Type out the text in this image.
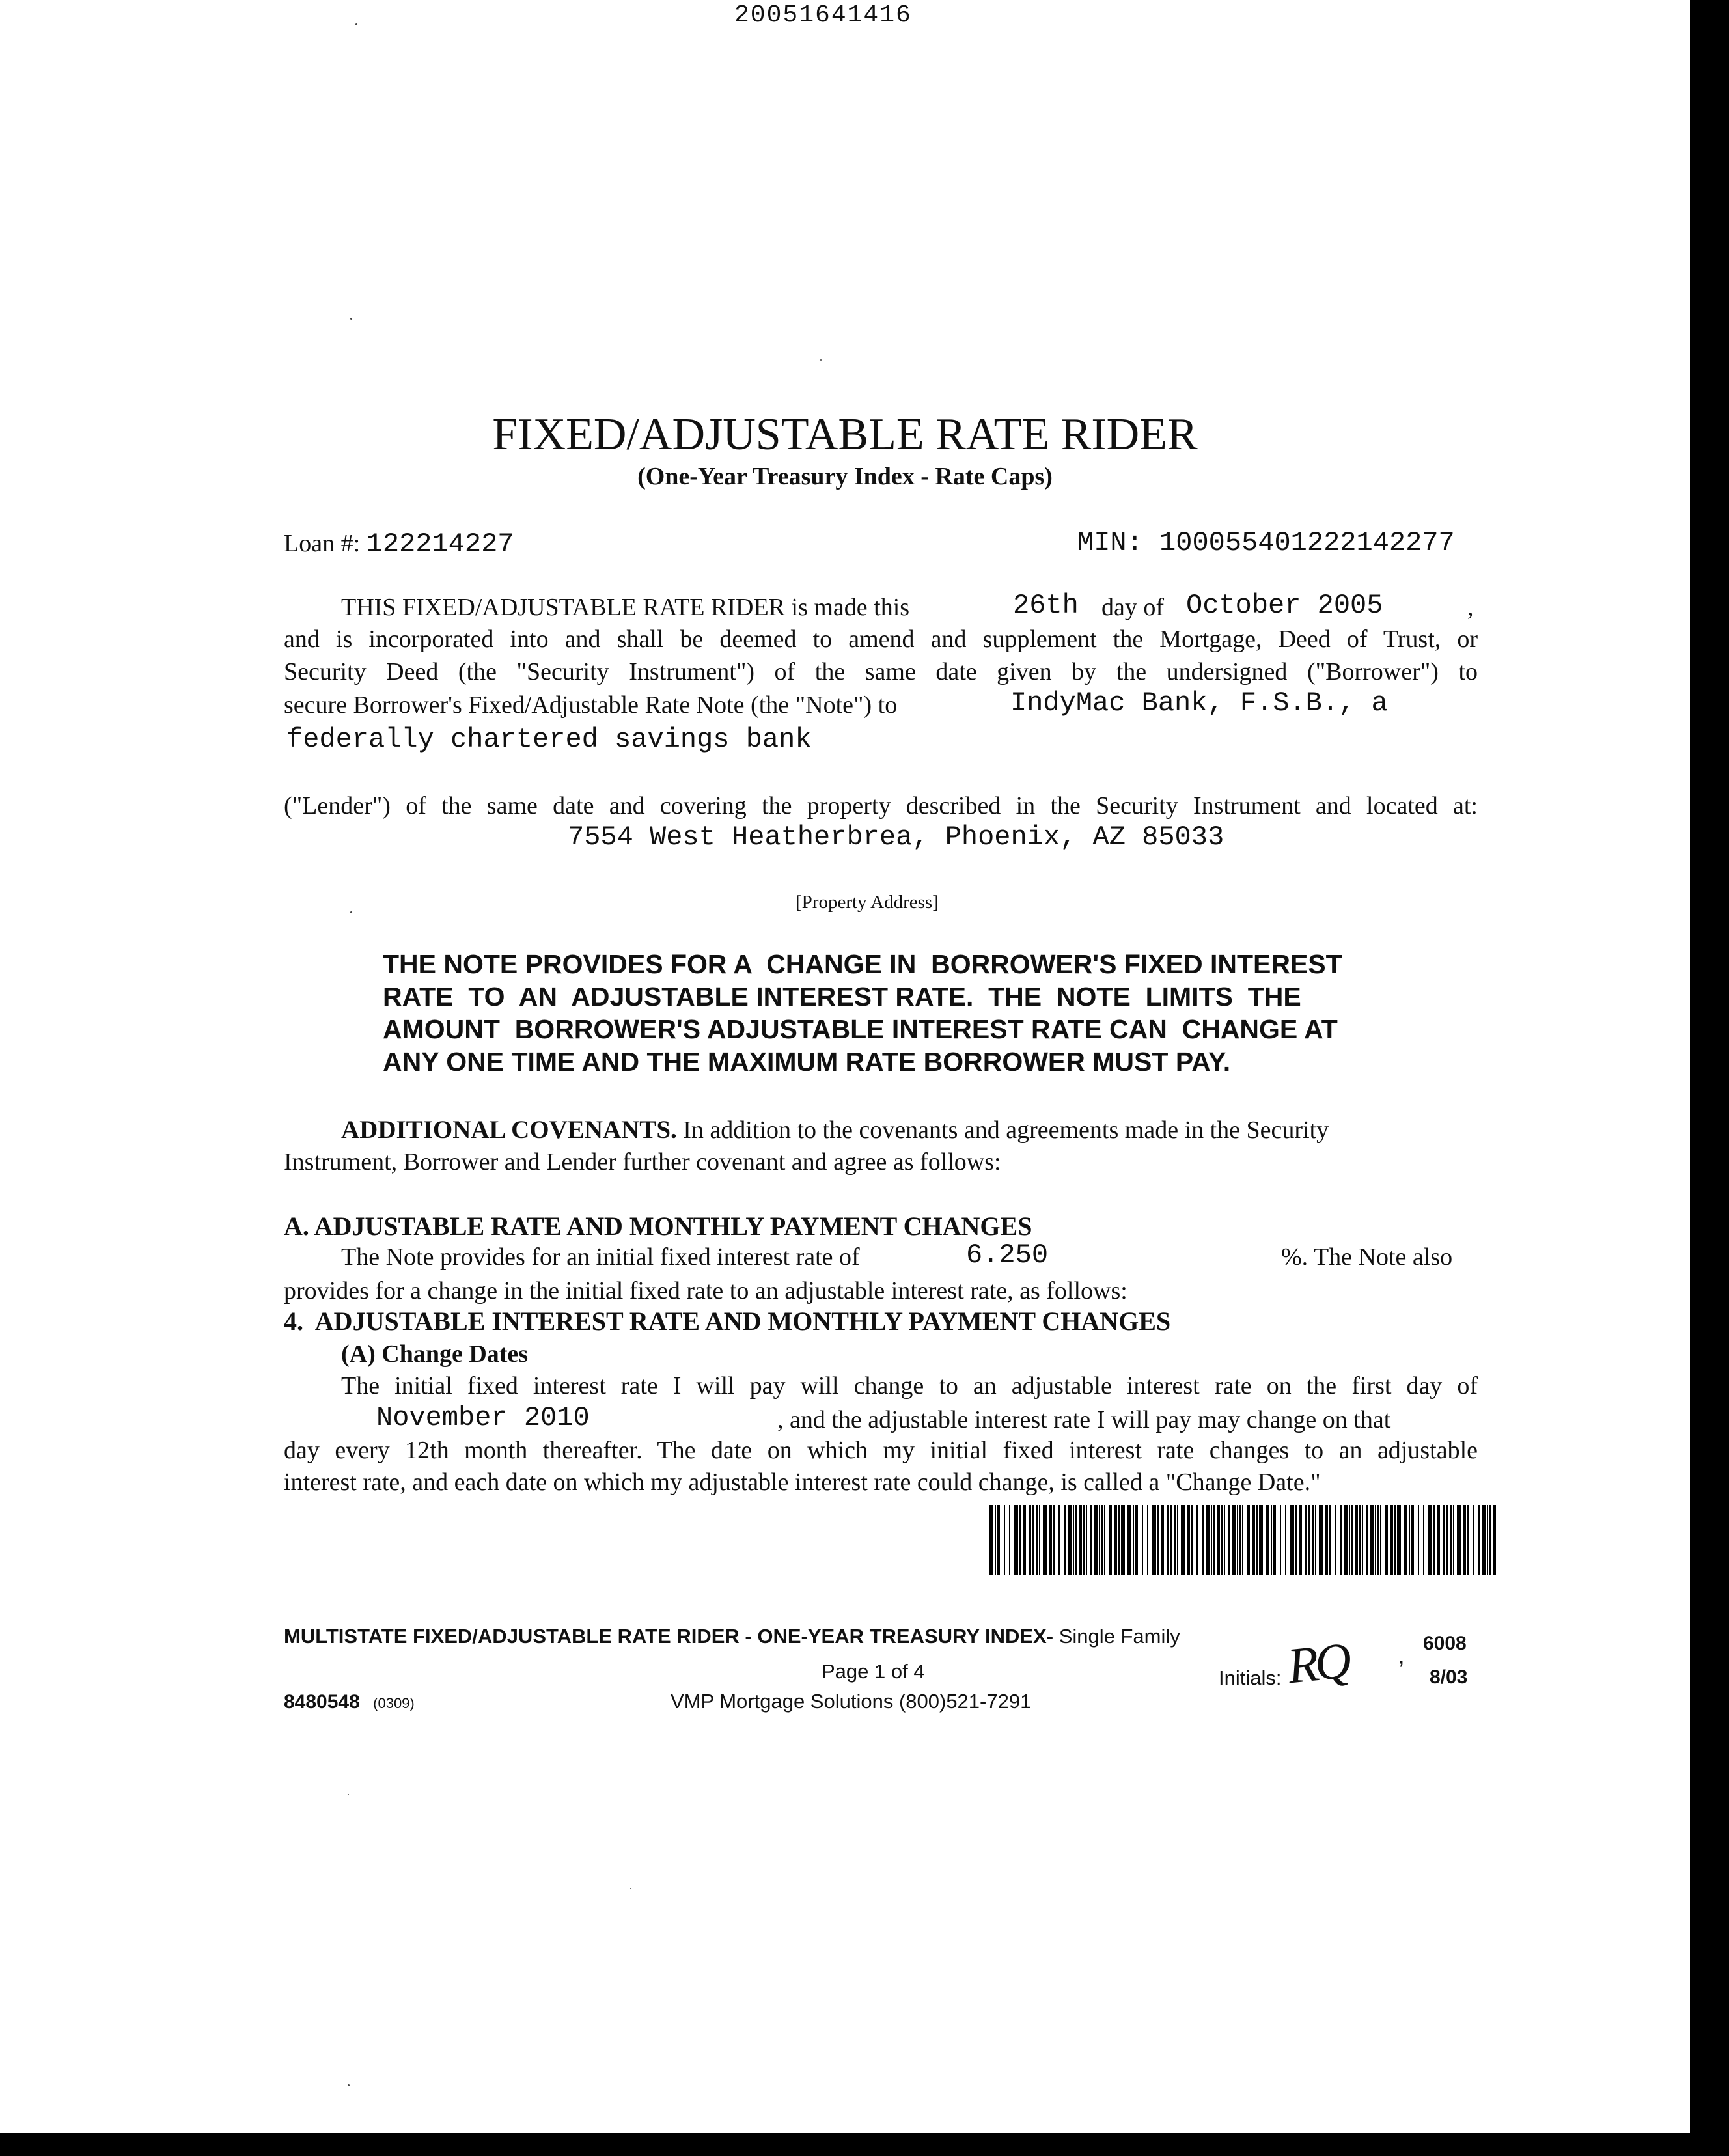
20051641416
FIXED/ADJUSTABLE RATE RIDER
(One-Year Treasury Index - Rate Caps)
Loan #: 122214227	MIN: 100055401222142277
THIS FIXED/ADJUSTABLE RATE RIDER is made this	26th day of October 2005	,
and is incorporated into and shall be deemed to amend and supplement the Mortgage, Deed of Trust, or
Security Deed (the "Security Instrument") of the same date given by the undersigned ("Borrower") to
secure Borrower's Fixed/Adjustable Rate Note (the "Note") to	IndyMac Bank, F.S.B., a
federally chartered savings bank
("Lender") of the same date and covering the property described in the Security Instrument and located at:
7554 West Heatherbrea, Phoenix, AZ 85033
[Property Address]
THE NOTE PROVIDES FOR A  CHANGE IN  BORROWER'S FIXED INTEREST
RATE  TO  AN  ADJUSTABLE INTEREST RATE.  THE  NOTE  LIMITS  THE
AMOUNT  BORROWER'S ADJUSTABLE INTEREST RATE CAN  CHANGE AT
ANY ONE TIME AND THE MAXIMUM RATE BORROWER MUST PAY.
ADDITIONAL COVENANTS. In addition to the covenants and agreements made in the Security
Instrument, Borrower and Lender further covenant and agree as follows:
A. ADJUSTABLE RATE AND MONTHLY PAYMENT CHANGES
The Note provides for an initial fixed interest rate of	6.250	%. The Note also
provides for a change in the initial fixed rate to an adjustable interest rate, as follows:
4.  ADJUSTABLE INTEREST RATE AND MONTHLY PAYMENT CHANGES
(A) Change Dates
The initial fixed interest rate I will pay will change to an adjustable interest rate on the first day of
November 2010	, and the adjustable interest rate I will pay may change on that
day every 12th month thereafter. The date on which my initial fixed interest rate changes to an adjustable
interest rate, and each date on which my adjustable interest rate could change, is called a "Change Date."
MULTISTATE FIXED/ADJUSTABLE RATE RIDER - ONE-YEAR TREASURY INDEX- Single Family	6008
Page 1 of 4	Initials: RQ ’ 8/03
8480548 (0309)	VMP Mortgage Solutions (800)521-7291
